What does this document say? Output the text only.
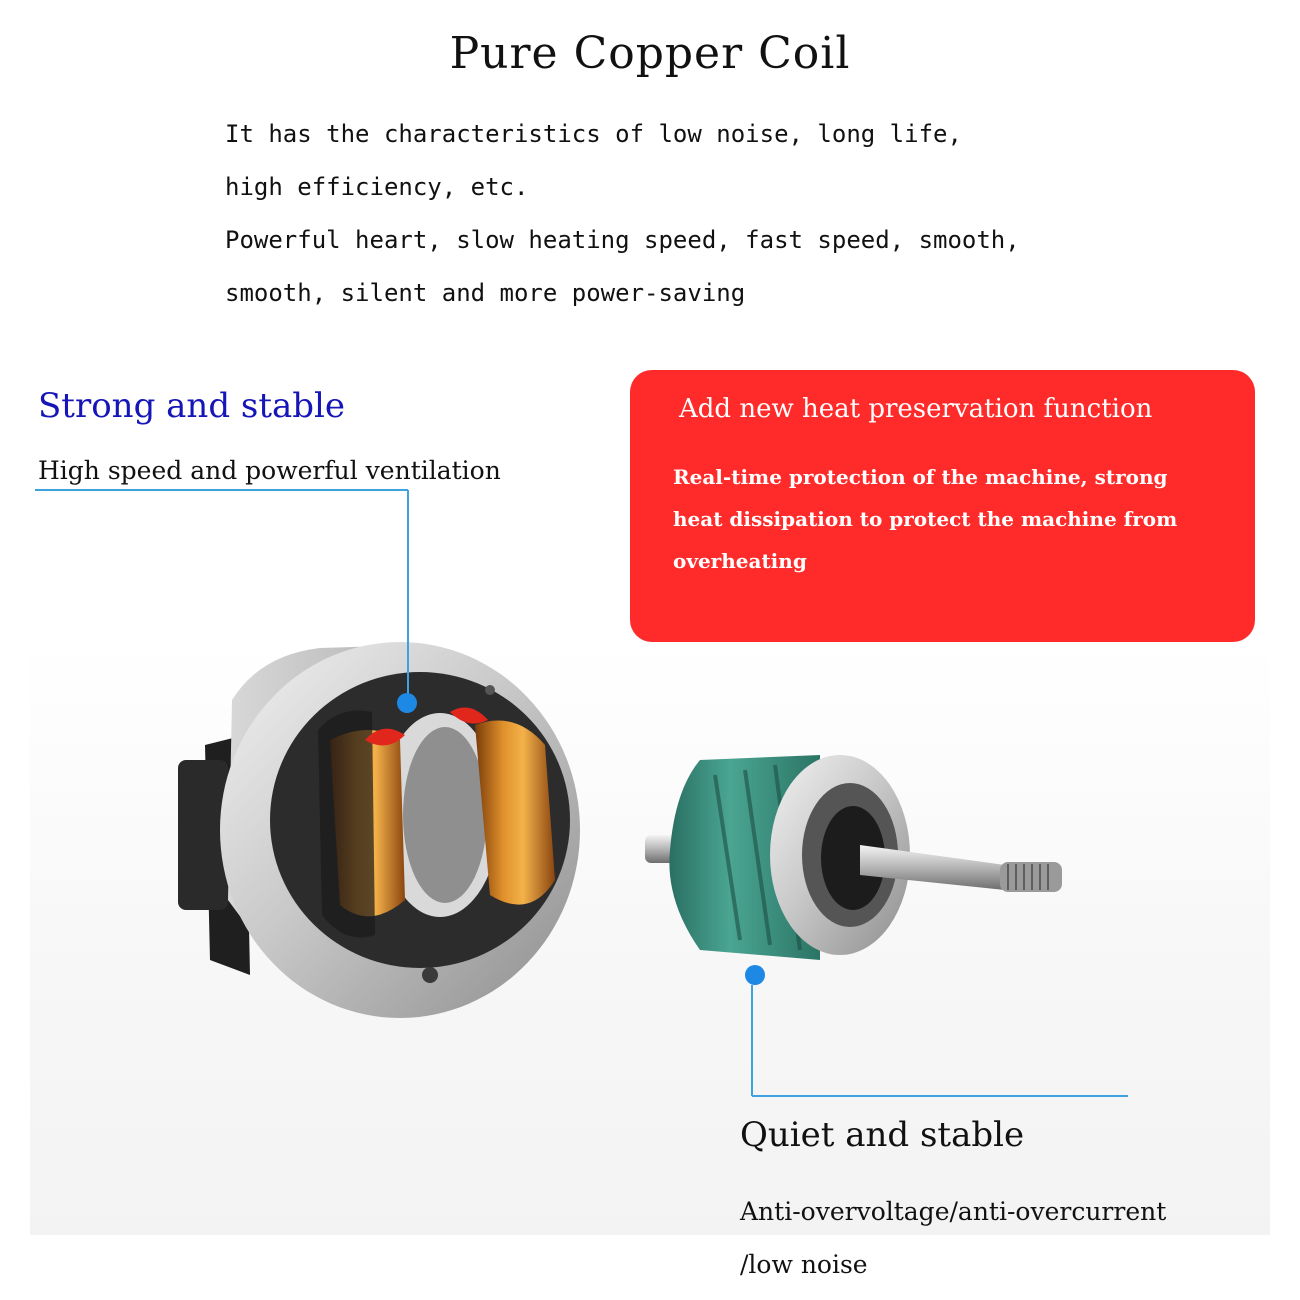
Pure Copper Coil
It has the characteristics of low noise, long life,
high efficiency, etc.
Powerful heart, slow heating speed, fast speed, smooth,
smooth, silent and more power-saving
Strong and stable
High speed and powerful ventilation
Add new heat preservation function
Real-time protection of the machine, strong
heat dissipation to protect the machine from
overheating
Quiet and stable
Anti-overvoltage/anti-overcurrent
/low noise
